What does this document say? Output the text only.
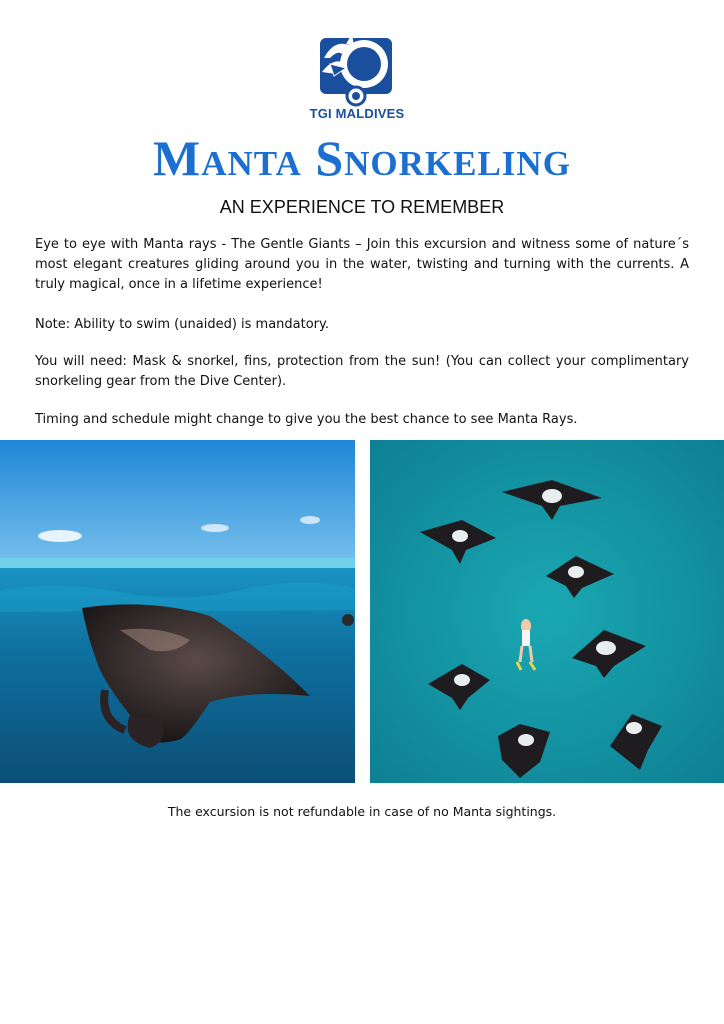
TGI MALDIVES
Manta Snorkeling
AN EXPERIENCE TO REMEMBER
Eye to eye with Manta rays - The Gentle Giants – Join this excursion and witness some of nature´s most elegant creatures gliding around you in the water, twisting and turning with the currents. A truly magical, once in a lifetime experience!
Note: Ability to swim (unaided) is mandatory.
You will need: Mask & snorkel, fins, protection from the sun! (You can collect your complimentary snorkeling gear from the Dive Center).
Timing and schedule might change to give you the best chance to see Manta Rays.
The excursion is not refundable in case of no Manta sightings.
